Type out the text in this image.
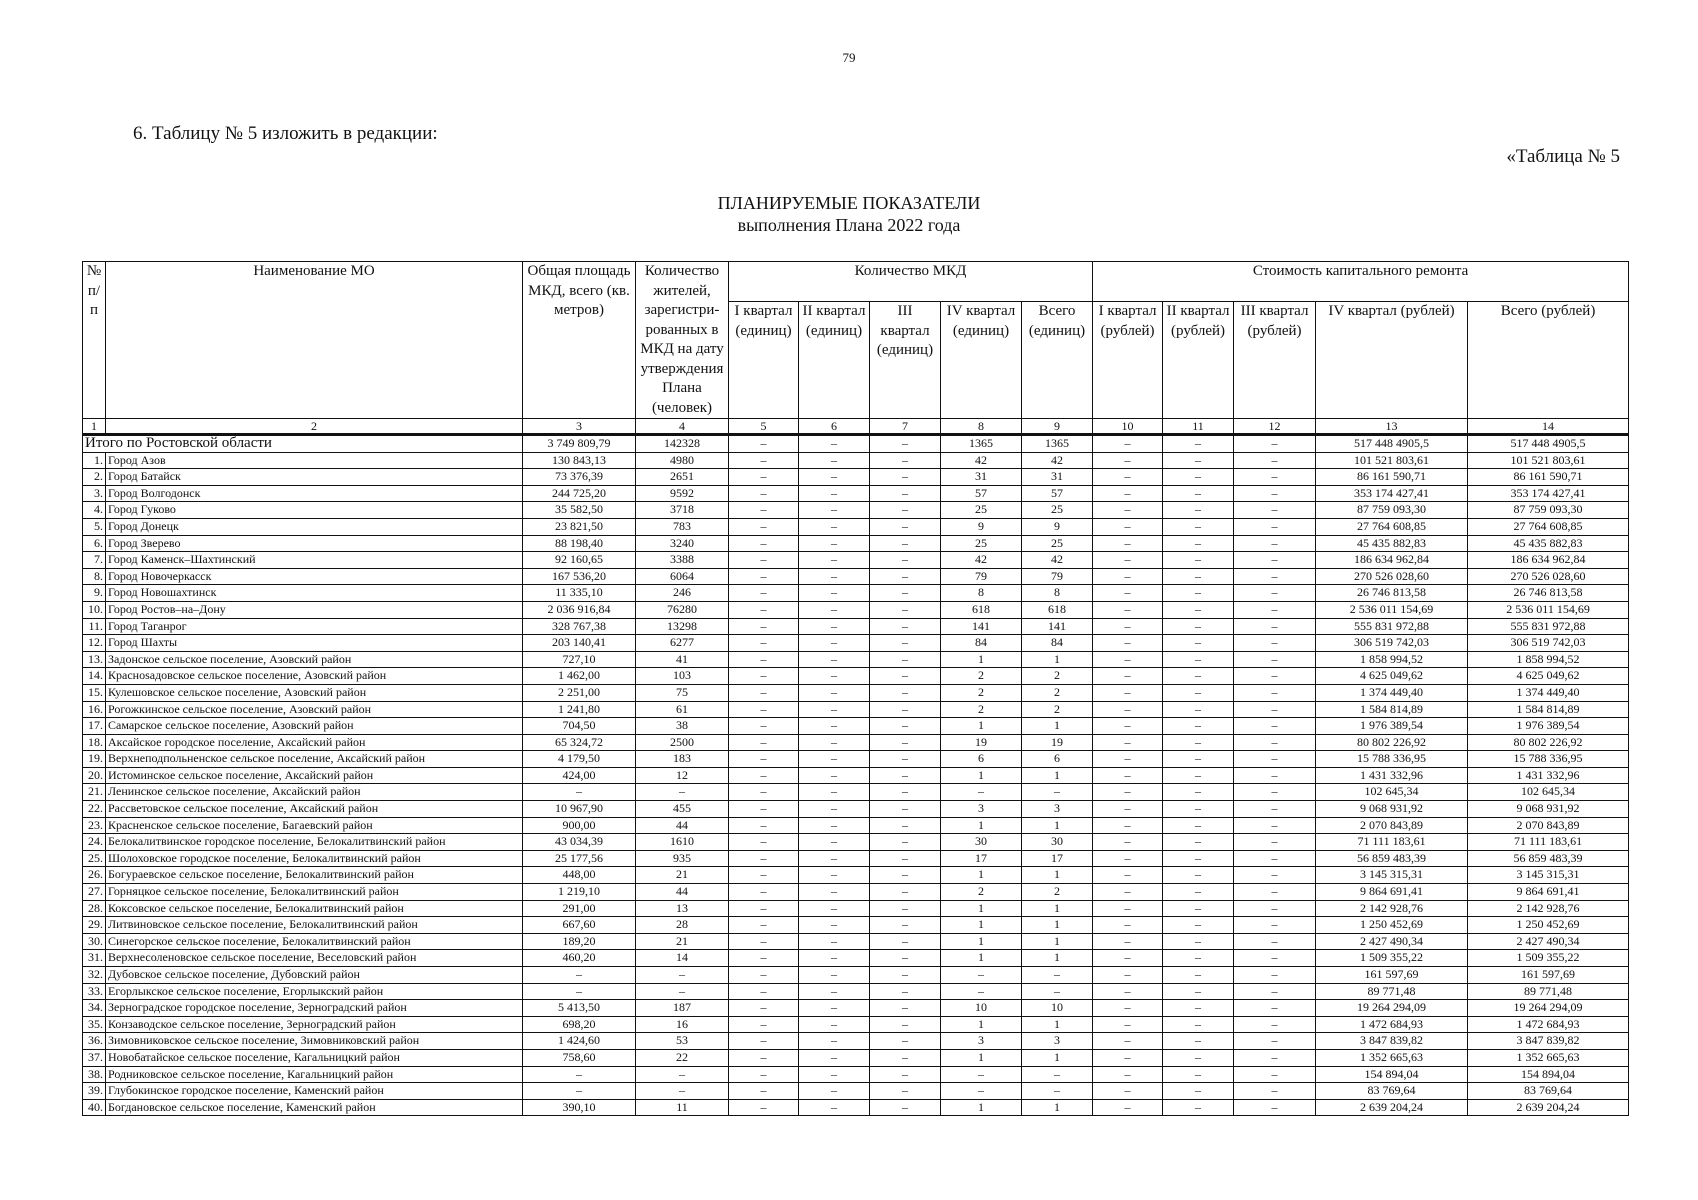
79
6. Таблицу № 5 изложить в редакции:
«Таблица № 5
ПЛАНИРУЕМЫЕ ПОКАЗАТЕЛИ
выполнения Плана 2022 года
№ п/п	Наименование МО	Общая площадь МКД, всего (кв. метров)	Количество жителей, зарегистри-рованных в МКД на дату утверждения Плана (человек)	Количество МКД					Стоимость капитального ремонта				
				I квартал (единиц)	II квартал (единиц)	III квартал (единиц)	IV квартал (единиц)	Всего (единиц)	I квартал (рублей)	II квартал (рублей)	III квартал (рублей)	IV квартал (рублей)	Всего (рублей)
1	2	3	4	5	6	7	8	9	10	11	12	13	14
Итого по Ростовской области		3 749 809,79	142328	–	–	–	1365	1365	–	–	–	517 448 4905,5	517 448 4905,5
1.	Город Азов	130 843,13	4980	–	–	–	42	42	–	–	–	101 521 803,61	101 521 803,61
2.	Город Батайск	73 376,39	2651	–	–	–	31	31	–	–	–	86 161 590,71	86 161 590,71
3.	Город Волгодонск	244 725,20	9592	–	–	–	57	57	–	–	–	353 174 427,41	353 174 427,41
4.	Город Гуково	35 582,50	3718	–	–	–	25	25	–	–	–	87 759 093,30	87 759 093,30
5.	Город Донецк	23 821,50	783	–	–	–	9	9	–	–	–	27 764 608,85	27 764 608,85
6.	Город Зверево	88 198,40	3240	–	–	–	25	25	–	–	–	45 435 882,83	45 435 882,83
7.	Город Каменск–Шахтинский	92 160,65	3388	–	–	–	42	42	–	–	–	186 634 962,84	186 634 962,84
8.	Город Новочеркасск	167 536,20	6064	–	–	–	79	79	–	–	–	270 526 028,60	270 526 028,60
9.	Город Новошахтинск	11 335,10	246	–	–	–	8	8	–	–	–	26 746 813,58	26 746 813,58
10.	Город Ростов–на–Дону	2 036 916,84	76280	–	–	–	618	618	–	–	–	2 536 011 154,69	2 536 011 154,69
11.	Город Таганрог	328 767,38	13298	–	–	–	141	141	–	–	–	555 831 972,88	555 831 972,88
12.	Город Шахты	203 140,41	6277	–	–	–	84	84	–	–	–	306 519 742,03	306 519 742,03
13.	Задонское сельское поселение, Азовский район	727,10	41	–	–	–	1	1	–	–	–	1 858 994,52	1 858 994,52
14.	Краснosадовское сельское поселение, Азовский район	1 462,00	103	–	–	–	2	2	–	–	–	4 625 049,62	4 625 049,62
15.	Кулешовское сельское поселение, Азовский район	2 251,00	75	–	–	–	2	2	–	–	–	1 374 449,40	1 374 449,40
16.	Рогожкинское сельское поселение, Азовский район	1 241,80	61	–	–	–	2	2	–	–	–	1 584 814,89	1 584 814,89
17.	Самарское сельское поселение, Азовский район	704,50	38	–	–	–	1	1	–	–	–	1 976 389,54	1 976 389,54
18.	Аксайское городское поселение, Аксайский район	65 324,72	2500	–	–	–	19	19	–	–	–	80 802 226,92	80 802 226,92
19.	Верхнеподпольненское сельское поселение, Аксайский район	4 179,50	183	–	–	–	6	6	–	–	–	15 788 336,95	15 788 336,95
20.	Истоминское сельское поселение, Аксайский район	424,00	12	–	–	–	1	1	–	–	–	1 431 332,96	1 431 332,96
21.	Ленинское сельское поселение, Аксайский район	–	–	–	–	–	–	–	–	–	–	102 645,34	102 645,34
22.	Рассветовское сельское поселение, Аксайский район	10 967,90	455	–	–	–	3	3	–	–	–	9 068 931,92	9 068 931,92
23.	Красненское сельское поселение, Багаевский район	900,00	44	–	–	–	1	1	–	–	–	2 070 843,89	2 070 843,89
24.	Белокалитвинское городское поселение, Белокалитвинский район	43 034,39	1610	–	–	–	30	30	–	–	–	71 111 183,61	71 111 183,61
25.	Шолоховское городское поселение, Белокалитвинский район	25 177,56	935	–	–	–	17	17	–	–	–	56 859 483,39	56 859 483,39
26.	Богураевское сельское поселение, Белокалитвинский район	448,00	21	–	–	–	1	1	–	–	–	3 145 315,31	3 145 315,31
27.	Горняцкое сельское поселение, Белокалитвинский район	1 219,10	44	–	–	–	2	2	–	–	–	9 864 691,41	9 864 691,41
28.	Коксовское сельское поселение, Белокалитвинский район	291,00	13	–	–	–	1	1	–	–	–	2 142 928,76	2 142 928,76
29.	Литвиновское сельское поселение, Белокалитвинский район	667,60	28	–	–	–	1	1	–	–	–	1 250 452,69	1 250 452,69
30.	Синегорское сельское поселение, Белокалитвинский район	189,20	21	–	–	–	1	1	–	–	–	2 427 490,34	2 427 490,34
31.	Верхнесоленовское сельское поселение, Веселовский район	460,20	14	–	–	–	1	1	–	–	–	1 509 355,22	1 509 355,22
32.	Дубовское сельское поселение, Дубовский район	–	–	–	–	–	–	–	–	–	–	161 597,69	161 597,69
33.	Егорлыкское сельское поселение, Егорлыкский район	–	–	–	–	–	–	–	–	–	–	89 771,48	89 771,48
34.	Зерноградское городское поселение, Зерноградский район	5 413,50	187	–	–	–	10	10	–	–	–	19 264 294,09	19 264 294,09
35.	Конзаводское сельское поселение, Зерноградский район	698,20	16	–	–	–	1	1	–	–	–	1 472 684,93	1 472 684,93
36.	Зимовниковское сельское поселение, Зимовниковский район	1 424,60	53	–	–	–	3	3	–	–	–	3 847 839,82	3 847 839,82
37.	Новобатайское сельское поселение, Кагальницкий район	758,60	22	–	–	–	1	1	–	–	–	1 352 665,63	1 352 665,63
38.	Родниковское сельское поселение, Кагальницкий район	–	–	–	–	–	–	–	–	–	–	154 894,04	154 894,04
39.	Глубокинское городское поселение, Каменский район	–	–	–	–	–	–	–	–	–	–	83 769,64	83 769,64
40.	Богдановское сельское поселение, Каменский район	390,10	11	–	–	–	1	1	–	–	–	2 639 204,24	2 639 204,24
